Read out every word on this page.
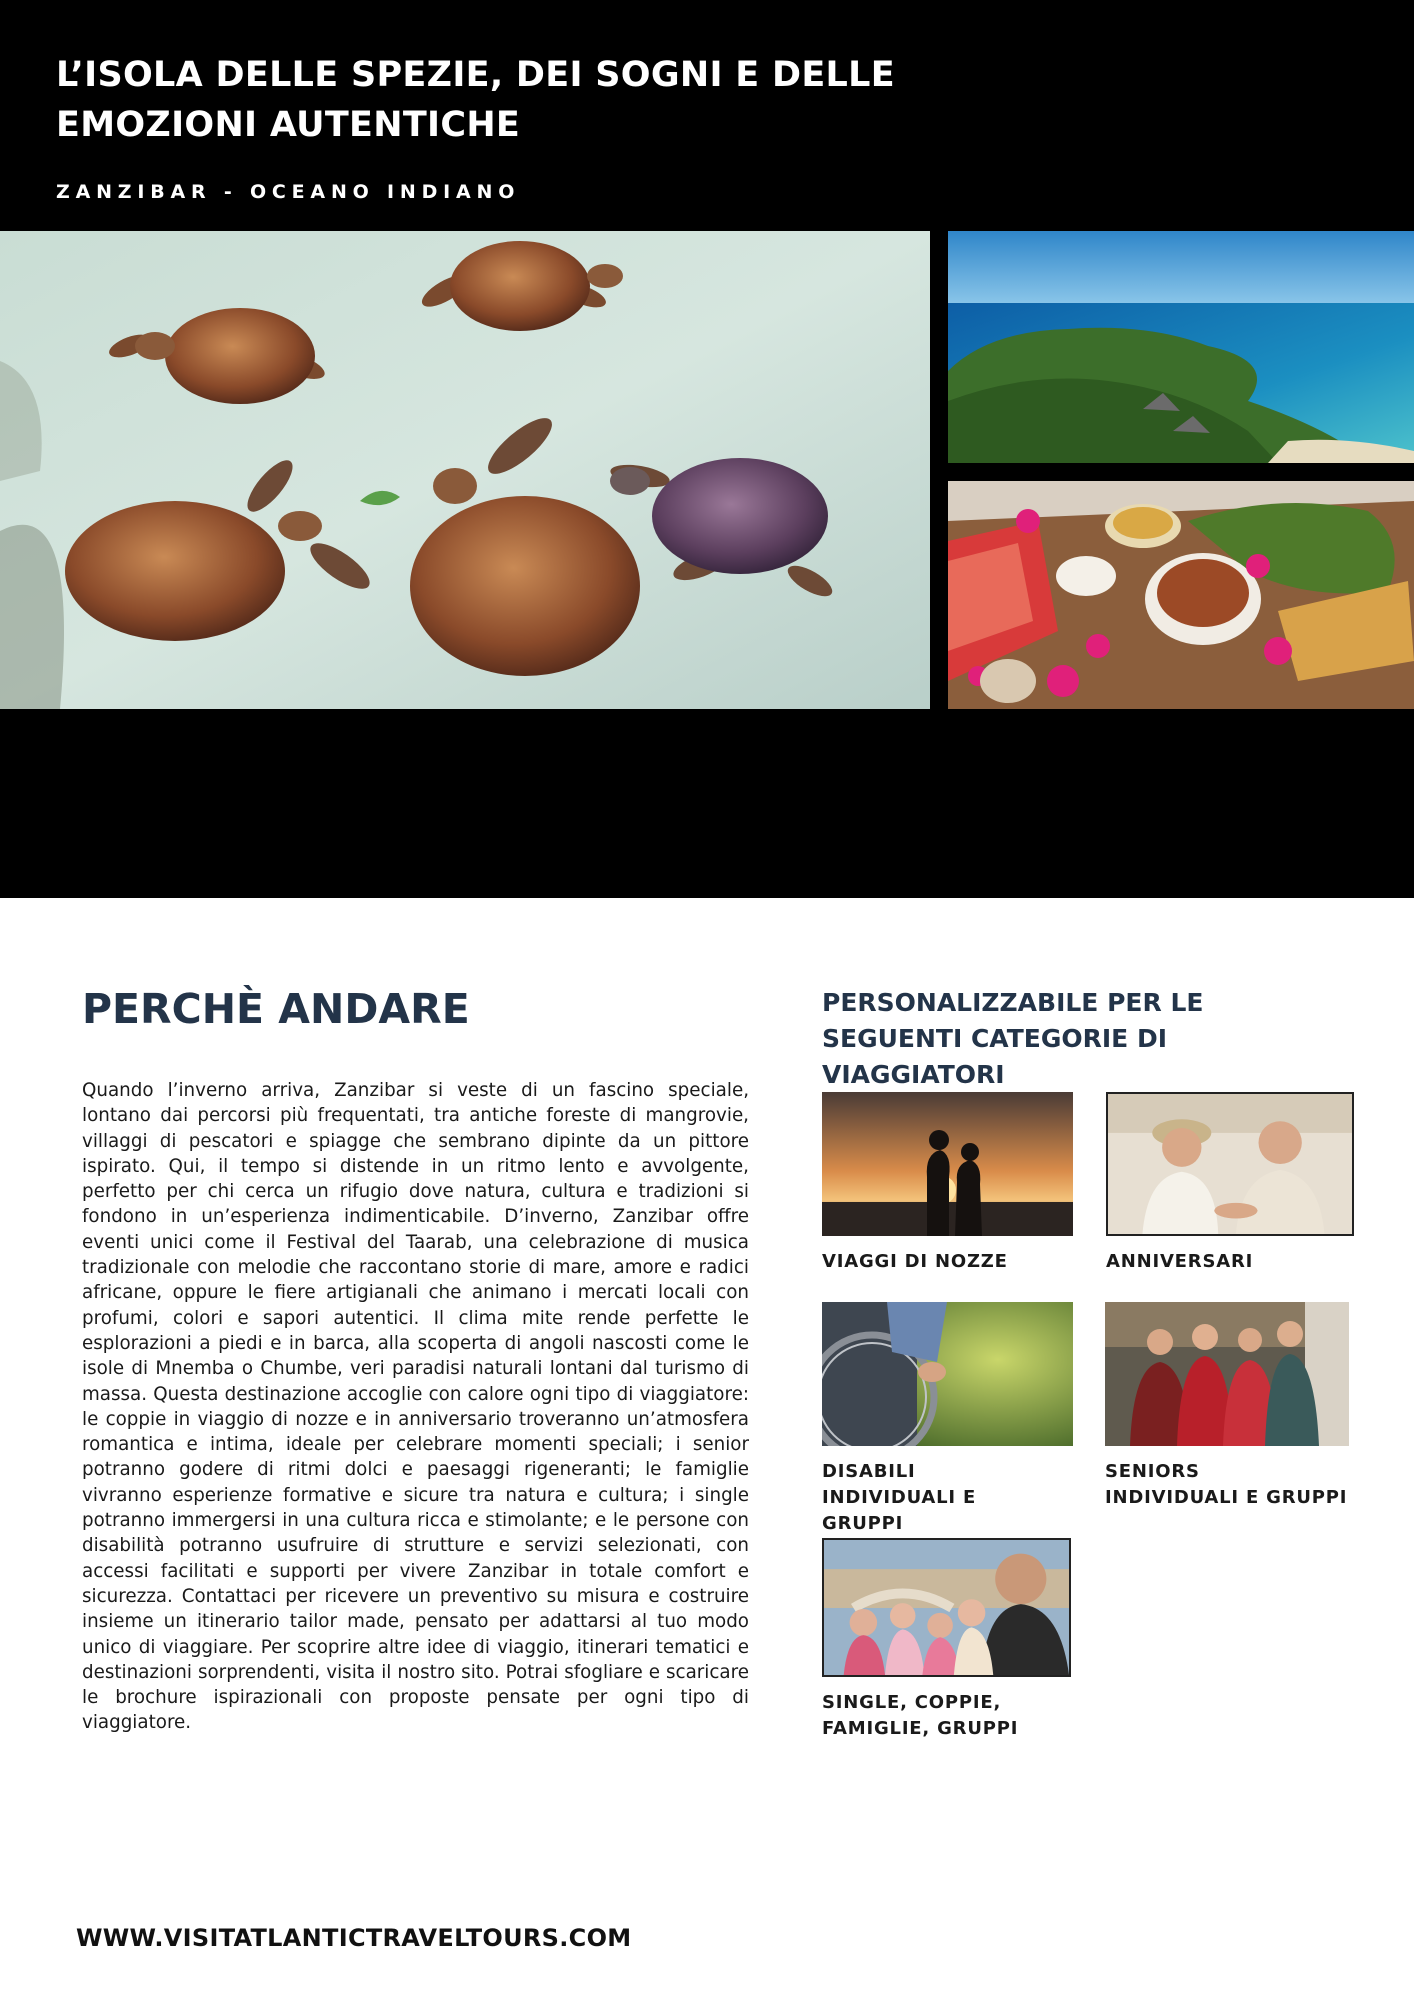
L’ISOLA DELLE SPEZIE, DEI SOGNI E DELLE EMOZIONI AUTENTICHE

ZANZIBAR - OCEANO INDIANO

PERCHÈ ANDARE

Quando l’inverno arriva, Zanzibar si veste di un fascino speciale, lontano dai percorsi più frequentati, tra antiche foreste di mangrovie, villaggi di pescatori e spiagge che sembrano dipinte da un pittore ispirato. Qui, il tempo si distende in un ritmo lento e avvolgente, perfetto per chi cerca un rifugio dove natura, cultura e tradizioni si fondono in un’esperienza indimenticabile. D’inverno, Zanzibar offre eventi unici come il Festival del Taarab, una celebrazione di musica tradizionale con melodie che raccontano storie di mare, amore e radici africane, oppure le fiere artigianali che animano i mercati locali con profumi, colori e sapori autentici. Il clima mite rende perfette le esplorazioni a piedi e in barca, alla scoperta di angoli nascosti come le isole di Mnemba o Chumbe, veri paradisi naturali lontani dal turismo di massa. Questa destinazione accoglie con calore ogni tipo di viaggiatore: le coppie in viaggio di nozze e in anniversario troveranno un’atmosfera romantica e intima, ideale per celebrare momenti speciali; i senior potranno godere di ritmi dolci e paesaggi rigeneranti; le famiglie vivranno esperienze formative e sicure tra natura e cultura; i single potranno immergersi in una cultura ricca e stimolante; e le persone con disabilità potranno usufruire di strutture e servizi selezionati, con accessi facilitati e supporti per vivere Zanzibar in totale comfort e sicurezza. Contattaci per ricevere un preventivo su misura e costruire insieme un itinerario tailor made, pensato per adattarsi al tuo modo unico di viaggiare. Per scoprire altre idee di viaggio, itinerari tematici e destinazioni sorprendenti, visita il nostro sito. Potrai sfogliare e scaricare le brochure ispirazionali con proposte pensate per ogni tipo di viaggiatore.

PERSONALIZZABILE PER LE SEGUENTI CATEGORIE DI VIAGGIATORI

VIAGGI DI NOZZE	ANNIVERSARI

DISABILI
INDIVIDUALI E GRUPPI

SENIORS
INDIVIDUALI E GRUPPI

SINGLE, COPPIE,
FAMIGLIE, GRUPPI

WWW.VISITATLANTICTRAVELTOURS.COM
